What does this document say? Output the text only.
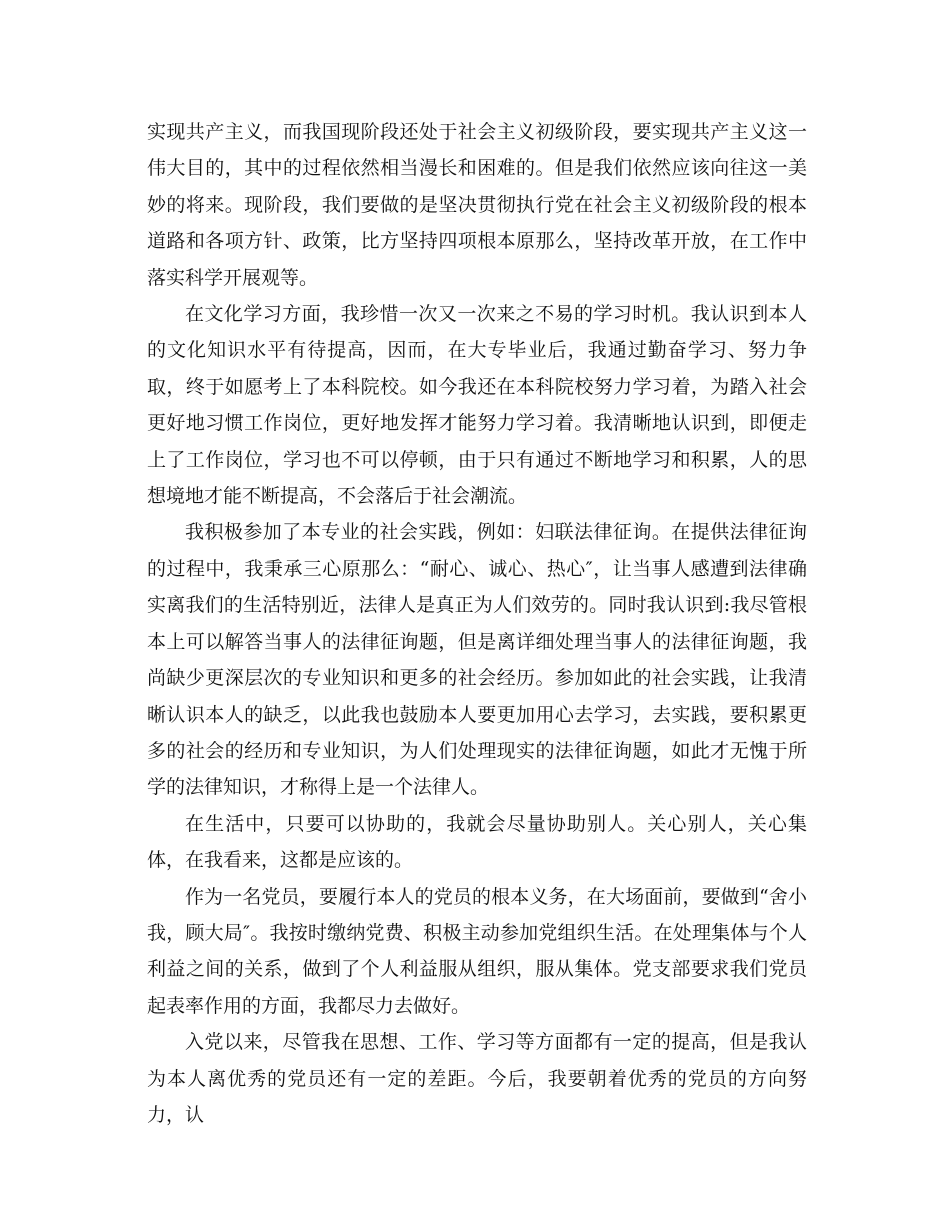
实现共产主义，而我国现阶段还处于社会主义初级阶段，要实现共产主义这一伟大目的，其中的过程依然相当漫长和困难的。但是我们依然应该向往这一美妙的将来。现阶段，我们要做的是坚决贯彻执行党在社会主义初级阶段的根本道路和各项方针、政策，比方坚持四项根本原那么，坚持改革开放，在工作中落实科学开展观等。

在文化学习方面，我珍惜一次又一次来之不易的学习时机。我认识到本人的文化知识水平有待提高，因而，在大专毕业后，我通过勤奋学习、努力争取，终于如愿考上了本科院校。如今我还在本科院校努力学习着，为踏入社会更好地习惯工作岗位，更好地发挥才能努力学习着。我清晰地认识到，即便走上了工作岗位，学习也不可以停顿，由于只有通过不断地学习和积累，人的思想境地才能不断提高，不会落后于社会潮流。

我积极参加了本专业的社会实践，例如：妇联法律征询。在提供法律征询的过程中，我秉承三心原那么：“耐心、诚心、热心″，让当事人感遭到法律确实离我们的生活特别近，法律人是真正为人们效劳的。同时我认识到:我尽管根本上可以解答当事人的法律征询题，但是离详细处理当事人的法律征询题，我尚缺少更深层次的专业知识和更多的社会经历。参加如此的社会实践，让我清晰认识本人的缺乏，以此我也鼓励本人要更加用心去学习，去实践，要积累更多的社会的经历和专业知识，为人们处理现实的法律征询题，如此才无愧于所学的法律知识，才称得上是一个法律人。

在生活中，只要可以协助的，我就会尽量协助别人。关心别人，关心集体，在我看来，这都是应该的。

作为一名党员，要履行本人的党员的根本义务，在大场面前，要做到“舍小我，顾大局″。我按时缴纳党费、积极主动参加党组织生活。在处理集体与个人利益之间的关系，做到了个人利益服从组织，服从集体。党支部要求我们党员起表率作用的方面，我都尽力去做好。

入党以来，尽管我在思想、工作、学习等方面都有一定的提高，但是我认为本人离优秀的党员还有一定的差距。今后，我要朝着优秀的党员的方向努力，认
